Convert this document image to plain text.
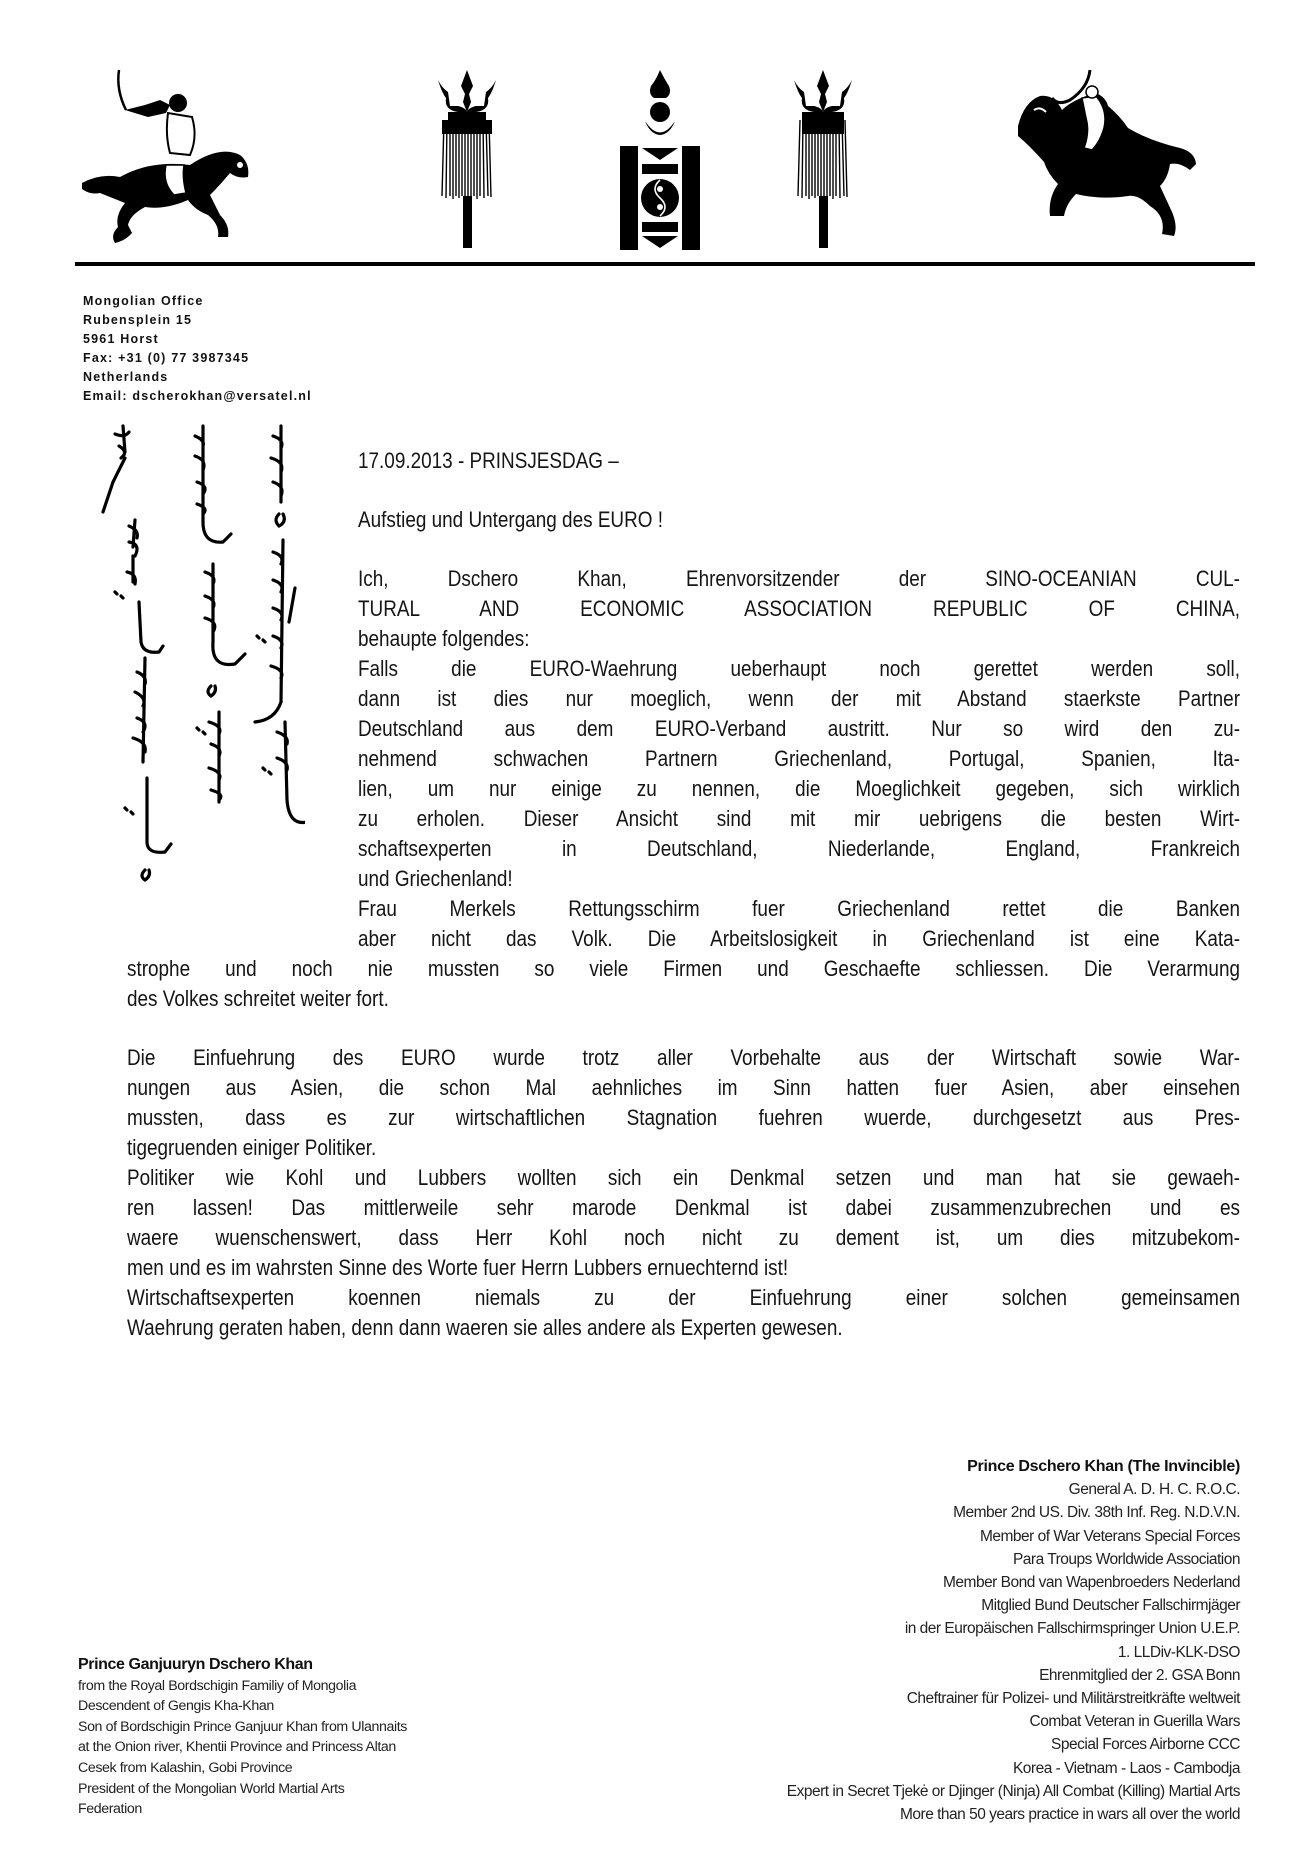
Mongolian Office
Rubensplein 15
5961 Horst
Fax: +31 (0) 77 3987345
Netherlands
Email: dscherokhan@versatel.nl
17.09.2013 - PRINSJESDAG –
Aufstieg und Untergang des EURO !
Ich, Dschero Khan, Ehrenvorsitzender der SINO-OCEANIAN CUL-
TURAL AND ECONOMIC ASSOCIATION REPUBLIC OF CHINA,
behaupte folgendes:
Falls die EURO-Waehrung ueberhaupt noch gerettet werden soll,
dann ist dies nur moeglich, wenn der mit Abstand staerkste Partner
Deutschland aus dem EURO-Verband austritt. Nur so wird den zu-
nehmend schwachen Partnern Griechenland, Portugal, Spanien, Ita-
lien, um nur einige zu nennen, die Moeglichkeit gegeben, sich wirklich
zu erholen. Dieser Ansicht sind mit mir uebrigens die besten Wirt-
schaftsexperten in Deutschland, Niederlande, England, Frankreich
und Griechenland!
Frau Merkels Rettungsschirm fuer Griechenland rettet die Banken
aber nicht das Volk. Die Arbeitslosigkeit in Griechenland ist eine Kata-
strophe und noch nie mussten so viele Firmen und Geschaefte schliessen. Die Verarmung
des Volkes schreitet weiter fort.
Die Einfuehrung des EURO wurde trotz aller Vorbehalte aus der Wirtschaft sowie War-
nungen aus Asien, die schon Mal aehnliches im Sinn hatten fuer Asien, aber einsehen
mussten, dass es zur wirtschaftlichen Stagnation fuehren wuerde, durchgesetzt aus Pres-
tigegruenden einiger Politiker.
Politiker wie Kohl und Lubbers wollten sich ein Denkmal setzen und man hat sie gewaeh-
ren lassen! Das mittlerweile sehr marode Denkmal ist dabei zusammenzubrechen und es
waere wuenschenswert, dass Herr Kohl noch nicht zu dement ist, um dies mitzubekom-
men und es im wahrsten Sinne des Worte fuer Herrn Lubbers ernuechternd ist!
Wirtschaftsexperten koennen niemals zu der Einfuehrung einer solchen gemeinsamen
Waehrung geraten haben, denn dann waeren sie alles andere als Experten gewesen.
Prince Dschero Khan (The Invincible)
General A. D. H. C. R.O.C.
Member 2nd US. Div. 38th Inf. Reg. N.D.V.N.
Member of War Veterans Special Forces
Para Troups Worldwide Association
Member Bond van Wapenbroeders Nederland
Mitglied Bund Deutscher Fallschirmjäger
in der Europäischen Fallschirmspringer Union U.E.P.
1. LLDiv-KLK-DSO
Ehrenmitglied der 2. GSA Bonn
Cheftrainer für Polizei- und Militärstreitkräfte weltweit
Combat Veteran in Guerilla Wars
Special Forces Airborne CCC
Korea - Vietnam - Laos - Cambodja
Expert in Secret Tjekė or Djinger (Ninja) All Combat (Killing) Martial Arts
More than 50 years practice in wars all over the world
Prince Ganjuuryn Dschero Khan
from the Royal Bordschigin Familiy of Mongolia
Descendent of Gengis Kha-Khan
Son of Bordschigin Prince Ganjuur Khan from Ulannaits
at the Onion river, Khentii Province and Princess Altan
Cesek from Kalashin, Gobi Province
President of the Mongolian World Martial Arts
Federation
